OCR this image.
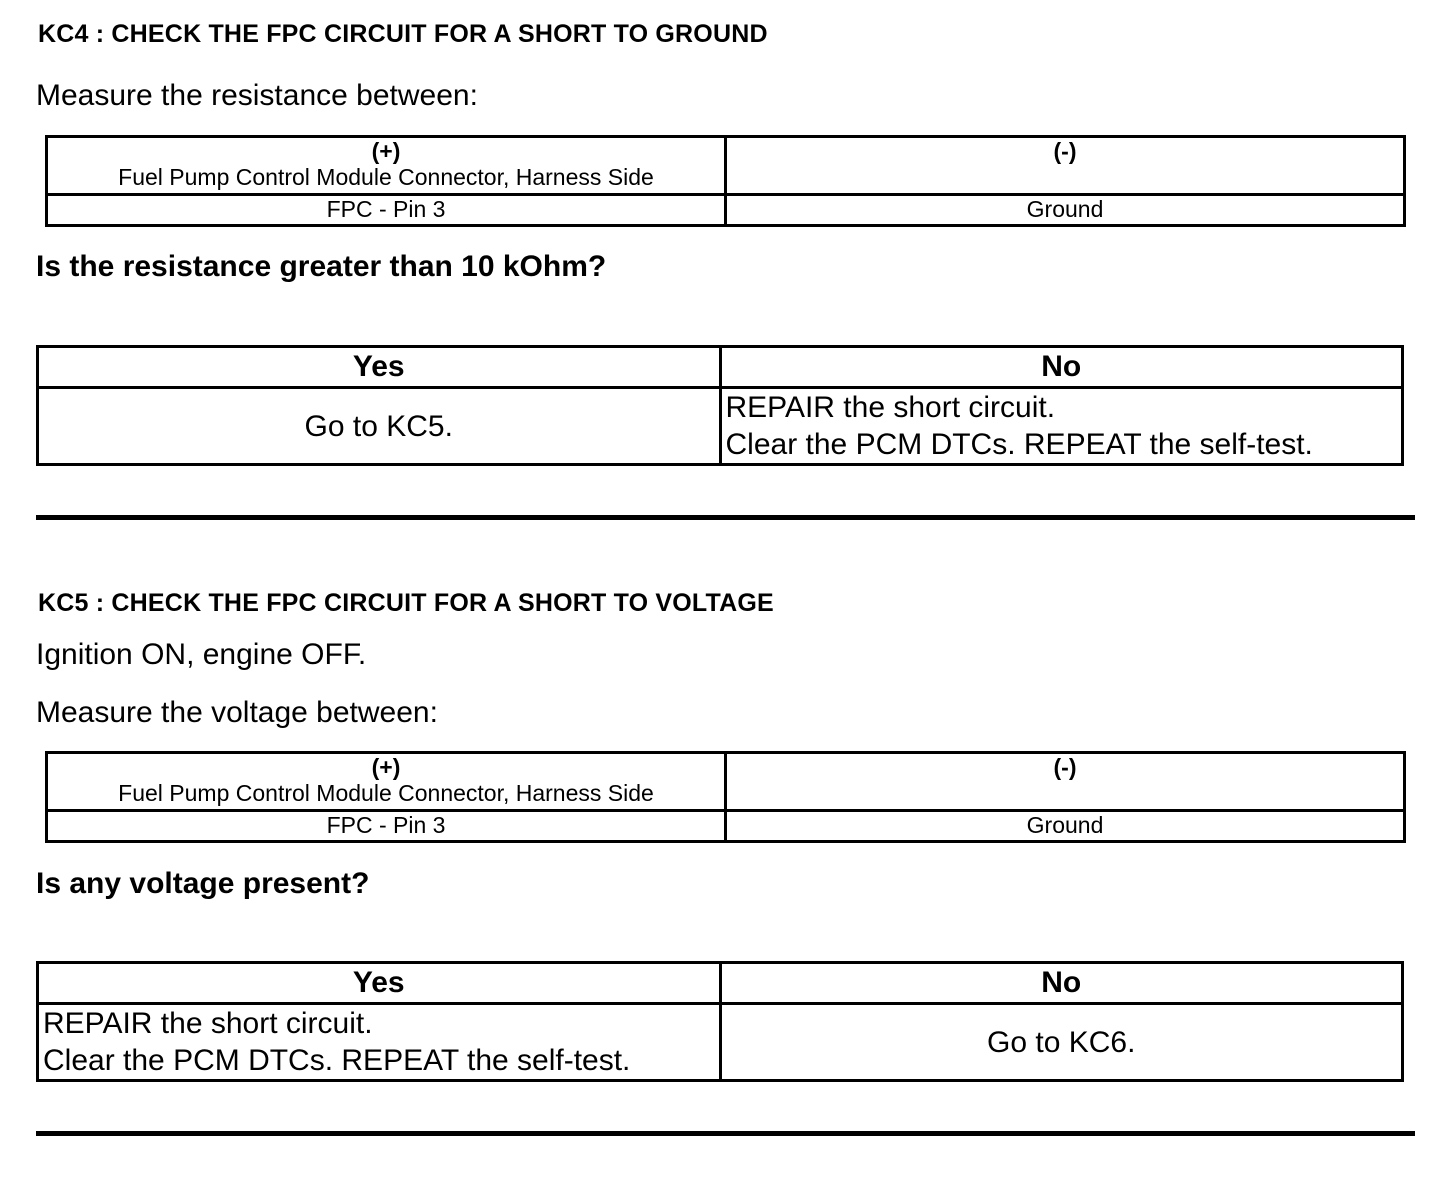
KC4 : CHECK THE FPC CIRCUIT FOR A SHORT TO GROUND
Measure the resistance between:
(+)
Fuel Pump Control Module Connector, Harness Side	(-)

FPC - Pin 3	Ground
Is the resistance greater than 10 kOhm?
Yes	No
Go to KC5.	REPAIR the short circuit.
Clear the PCM DTCs. REPEAT the self-test.
KC5 : CHECK THE FPC CIRCUIT FOR A SHORT TO VOLTAGE
Ignition ON, engine OFF.
Measure the voltage between:
(+)
Fuel Pump Control Module Connector, Harness Side	(-)

FPC - Pin 3	Ground
Is any voltage present?
Yes	No

REPAIR the short circuit.
Clear the PCM DTCs. REPEAT the self-test.	Go to KC6.
